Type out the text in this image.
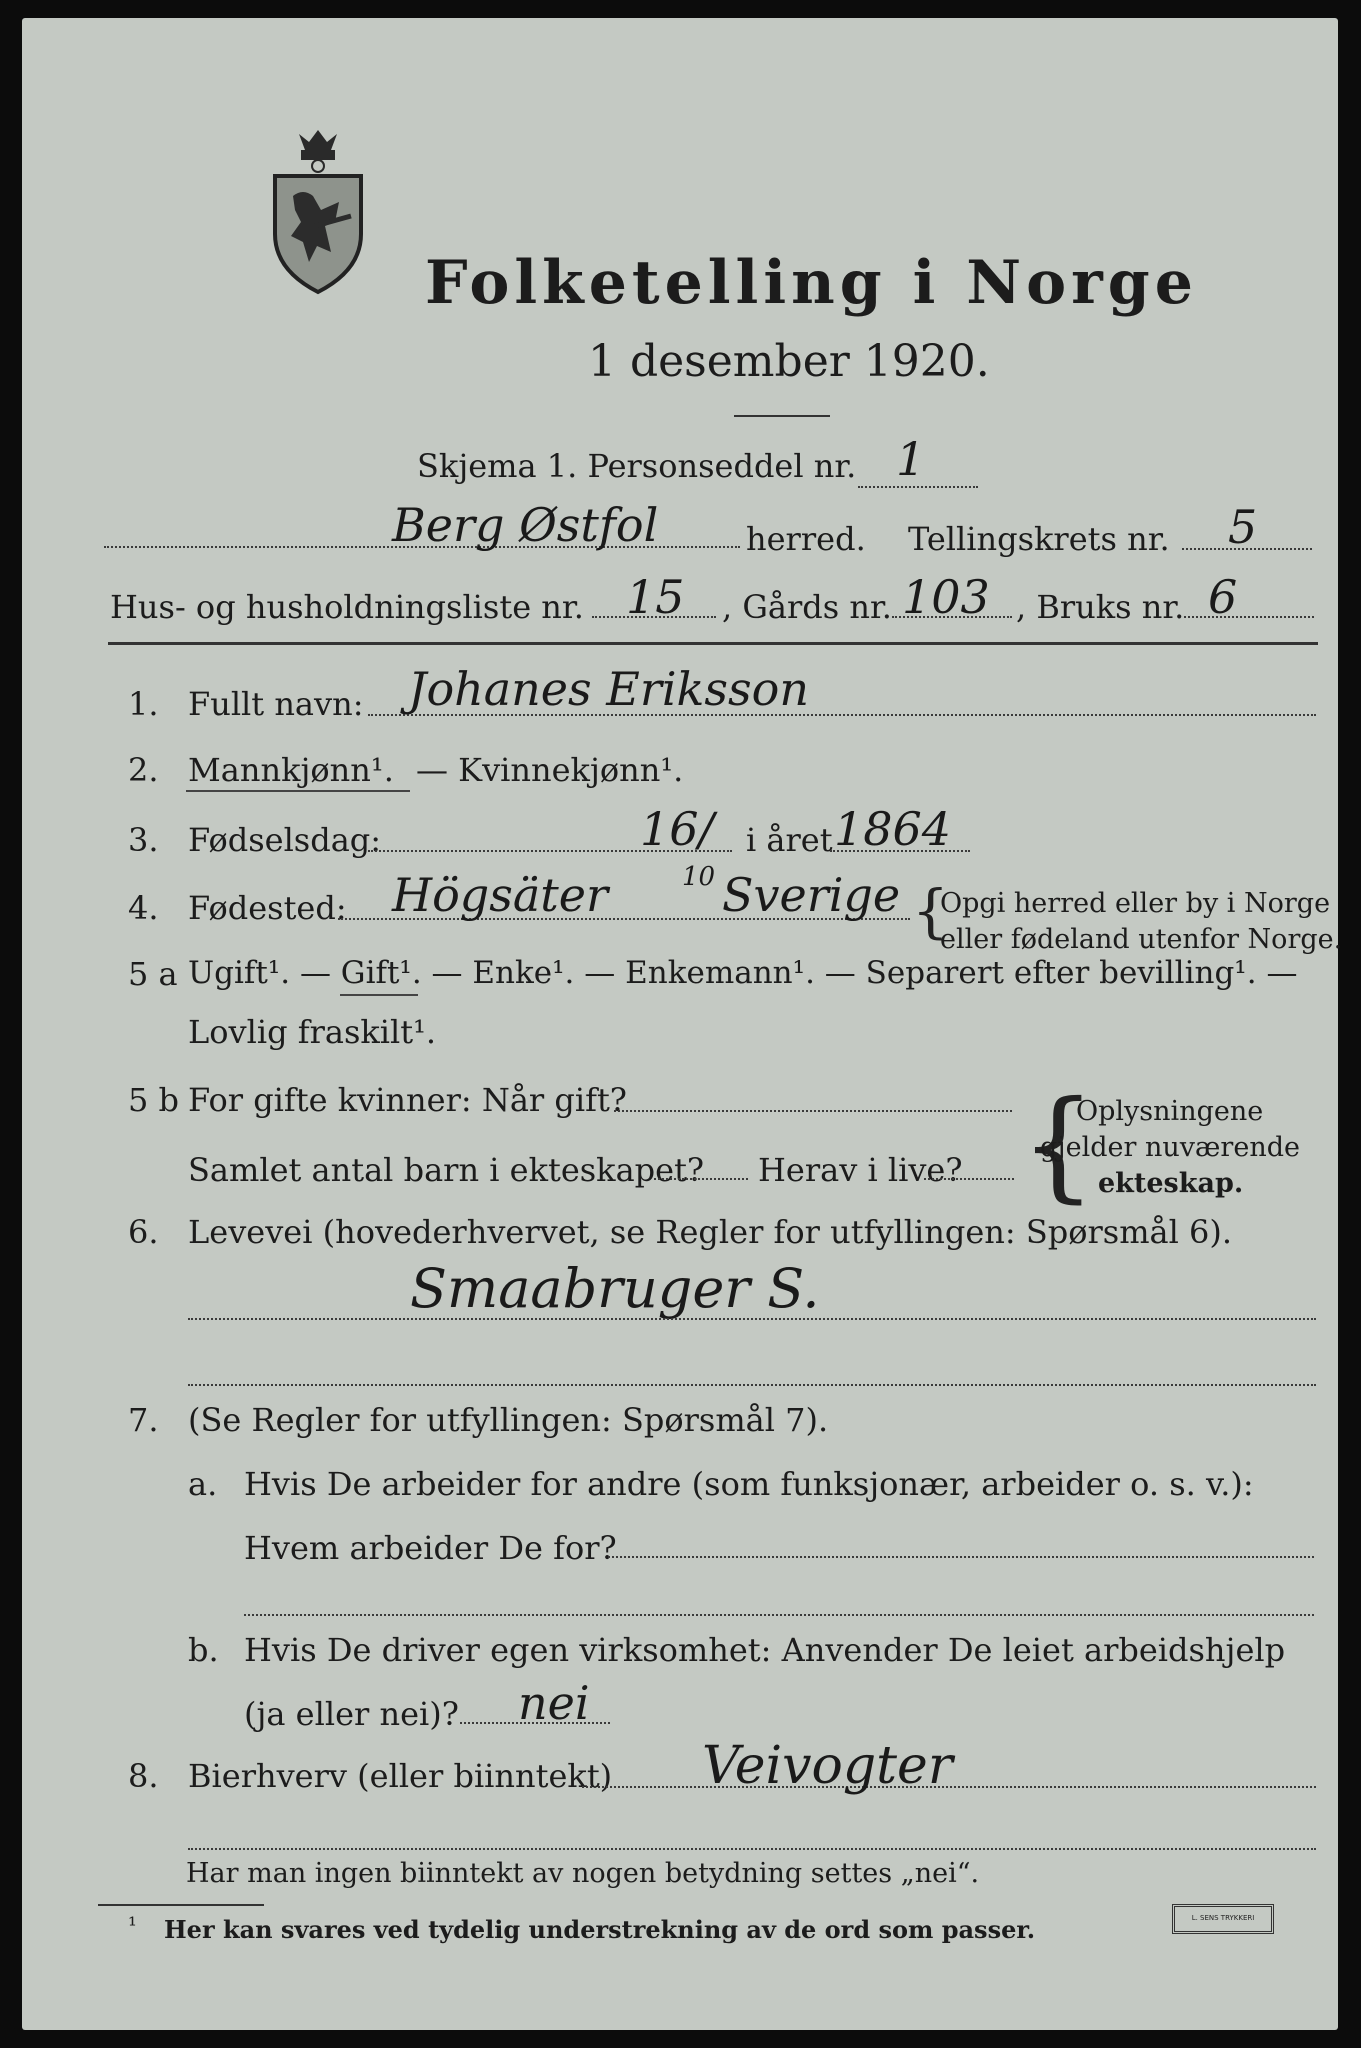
Folketelling i Norge
1 desember 1920.
Skjema 1. Personseddel nr. 1
Berg Østfol	herred. Tellingskrets nr. 5
Hus- og husholdningsliste nr. 15 , Gårds nr. 103 , Bruks nr. 6
1. Fullt navn: Johanes Eriksson
2. Mannkjønn¹. — Kvinnekjønn¹.
3. Fødselsdag:	16/ i året 1864
4. Fødested: Högsäter	10 Sverige {
Opgi herred eller by i Norge
eller fødeland utenfor Norge.
5 a Ugift¹. — Gift¹. — Enke¹. — Enkemann¹. — Separert efter bevilling¹. —
Lovlig fraskilt¹.
5 b For gifte kvinner: Når gift?
Samlet antal barn i ekteskapet? Herav i live? {
Oplysningene
gjelder nuværende
ekteskap.
6. Levevei (hovederhvervet, se Regler for utfyllingen: Spørsmål 6).
Smaabruger S.
7. (Se Regler for utfyllingen: Spørsmål 7).
a. Hvis De arbeider for andre (som funksjonær, arbeider o. s. v.):
Hvem arbeider De for?
b. Hvis De driver egen virksomhet: Anvender De leiet arbeidshjelp
(ja eller nei)? nei
8. Bierhverv (eller biinntekt) Veivogter
Har man ingen biinntekt av nogen betydning settes „nei“.
¹ Her kan svares ved tydelig understrekning av de ord som passer.	L. SENS TRYKKERI
